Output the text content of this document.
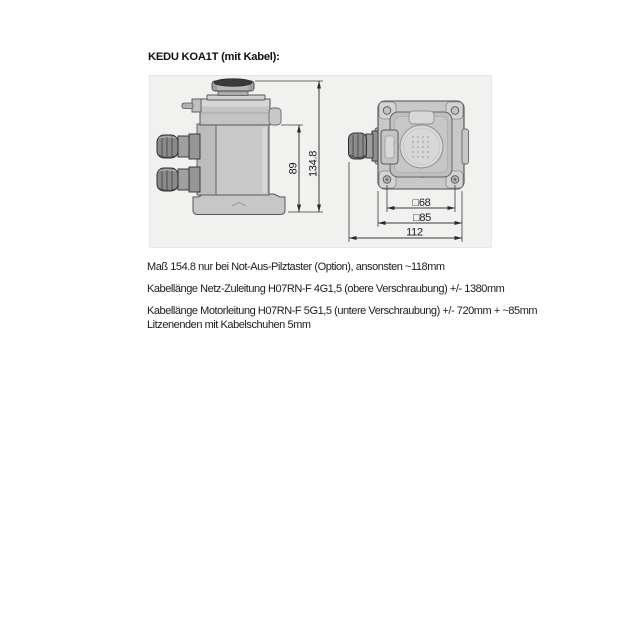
KEDU KOA1T (mit Kabel):
89 134.8
□68
□85
112
Maß 154.8 nur bei Not-Aus-Pilztaster (Option), ansonsten ~118mm
Kabellänge Netz-Zuleitung H07RN-F 4G1,5 (obere Verschraubung) +/- 1380mm
Kabellänge Motorleitung H07RN-F 5G1,5 (untere Verschraubung) +/- 720mm + ~85mm Litzenenden mit Kabelschuhen 5mm
